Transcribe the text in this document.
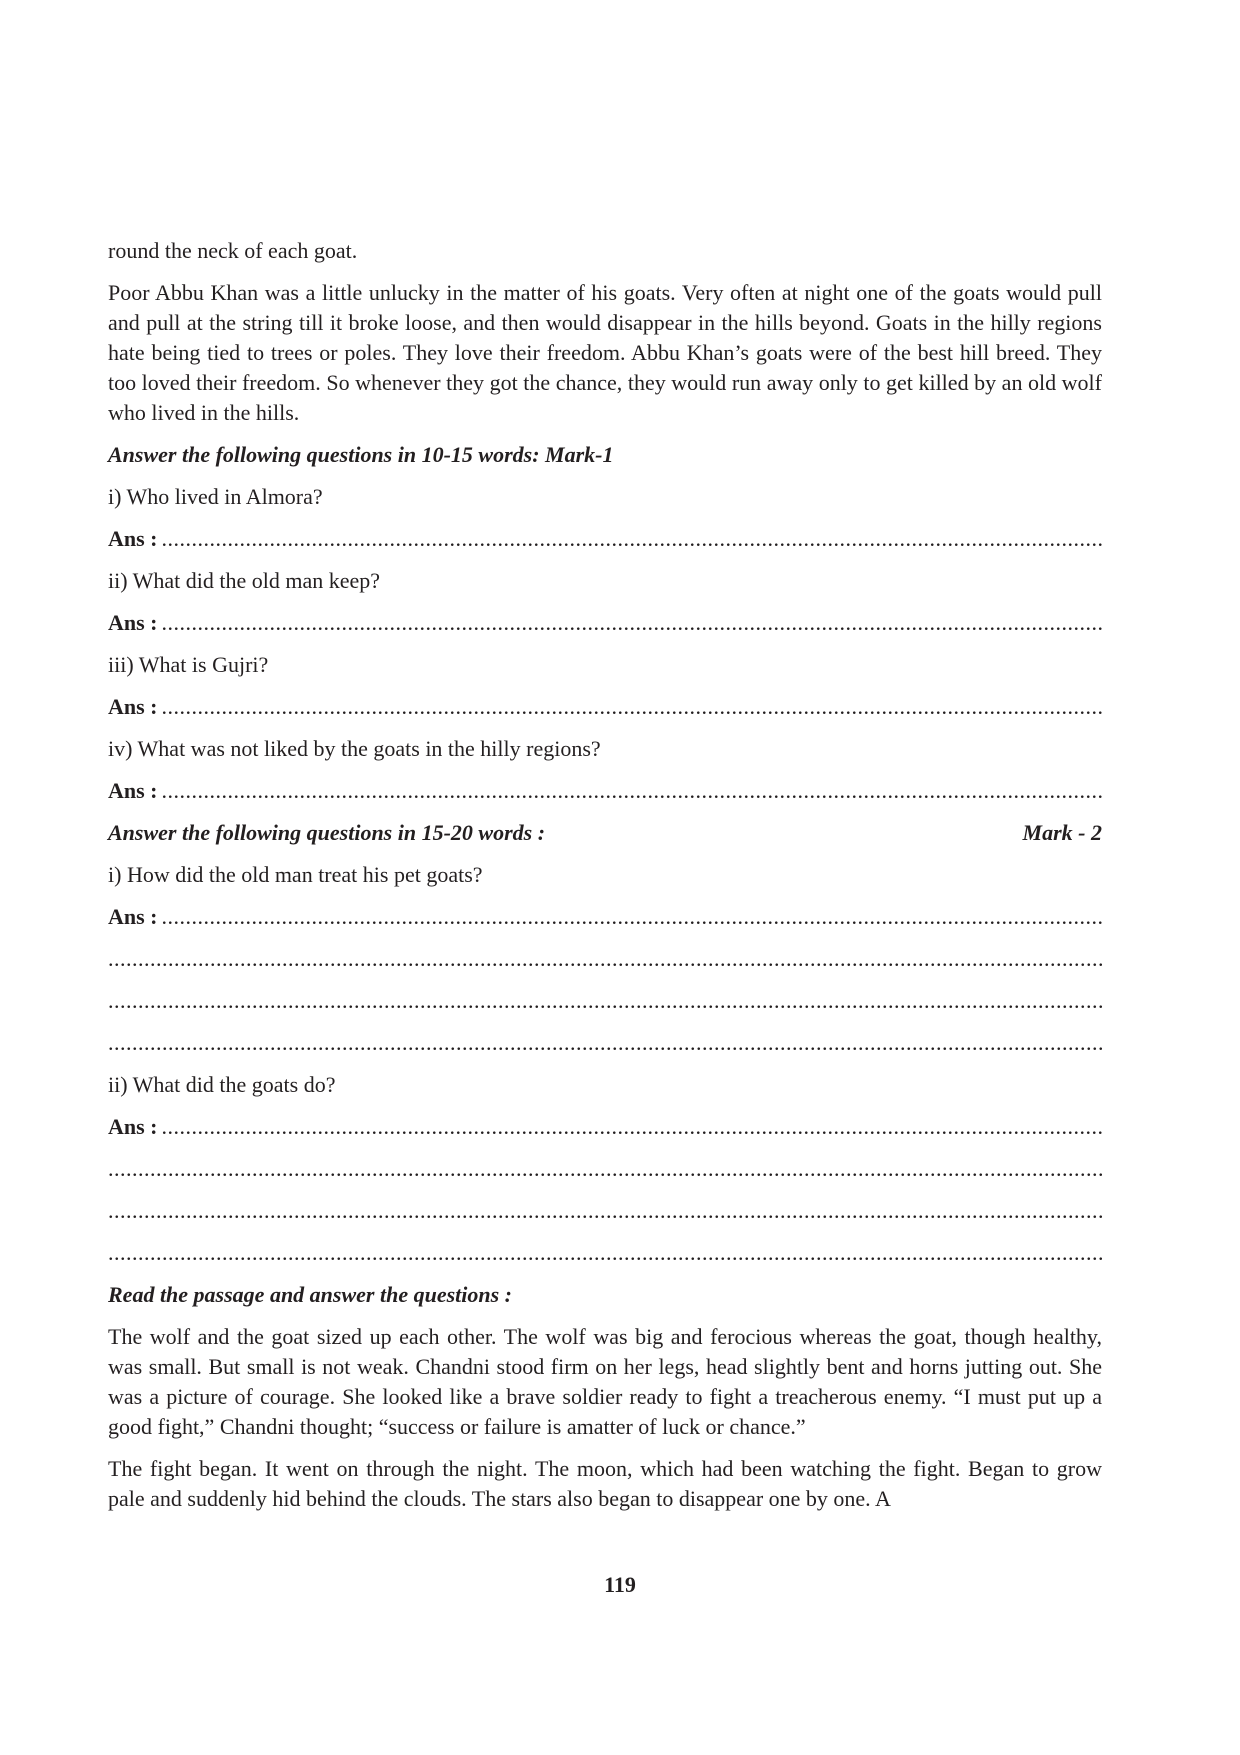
round the neck of each goat.

Poor Abbu Khan was a little unlucky in the matter of his goats. Very often at night one of the goats would pull and pull at the string till it broke loose, and then would disappear in the hills beyond. Goats in the hilly regions hate being tied to trees or poles. They love their freedom. Abbu Khan’s goats were of the best hill breed. They too loved their freedom. So whenever they got the chance, they would run away only to get killed by an old wolf who lived in the hills.

Answer the following questions in 10-15 words: Mark-1
i) Who lived in Almora?
Ans :
.....
ii) What did the old man keep?
Ans :
.....
iii) What is Gujri?
Ans :
.....
iv) What was not liked by the goats in the hilly regions?
Ans :
.....
Answer the following questions in 15-20 words :	Mark - 2
i) How did the old man treat his pet goats?
Ans :
.....
.....
.....
.....
ii) What did the goats do?
Ans :
.....
.....
.....
.....
Read the passage and answer the questions :

The wolf and the goat sized up each other. The wolf was big and ferocious whereas the goat, though healthy, was small. But small is not weak. Chandni stood firm on her legs, head slightly bent and horns jutting out. She was a picture of courage. She looked like a brave soldier ready to fight a treacherous enemy. “I must put up a good fight,” Chandni thought; “success or failure is amatter of luck or chance.”

The fight began. It went on through the night. The moon, which had been watching the fight. Began to grow pale and suddenly hid behind the clouds. The stars also began to disappear one by one. A

119
